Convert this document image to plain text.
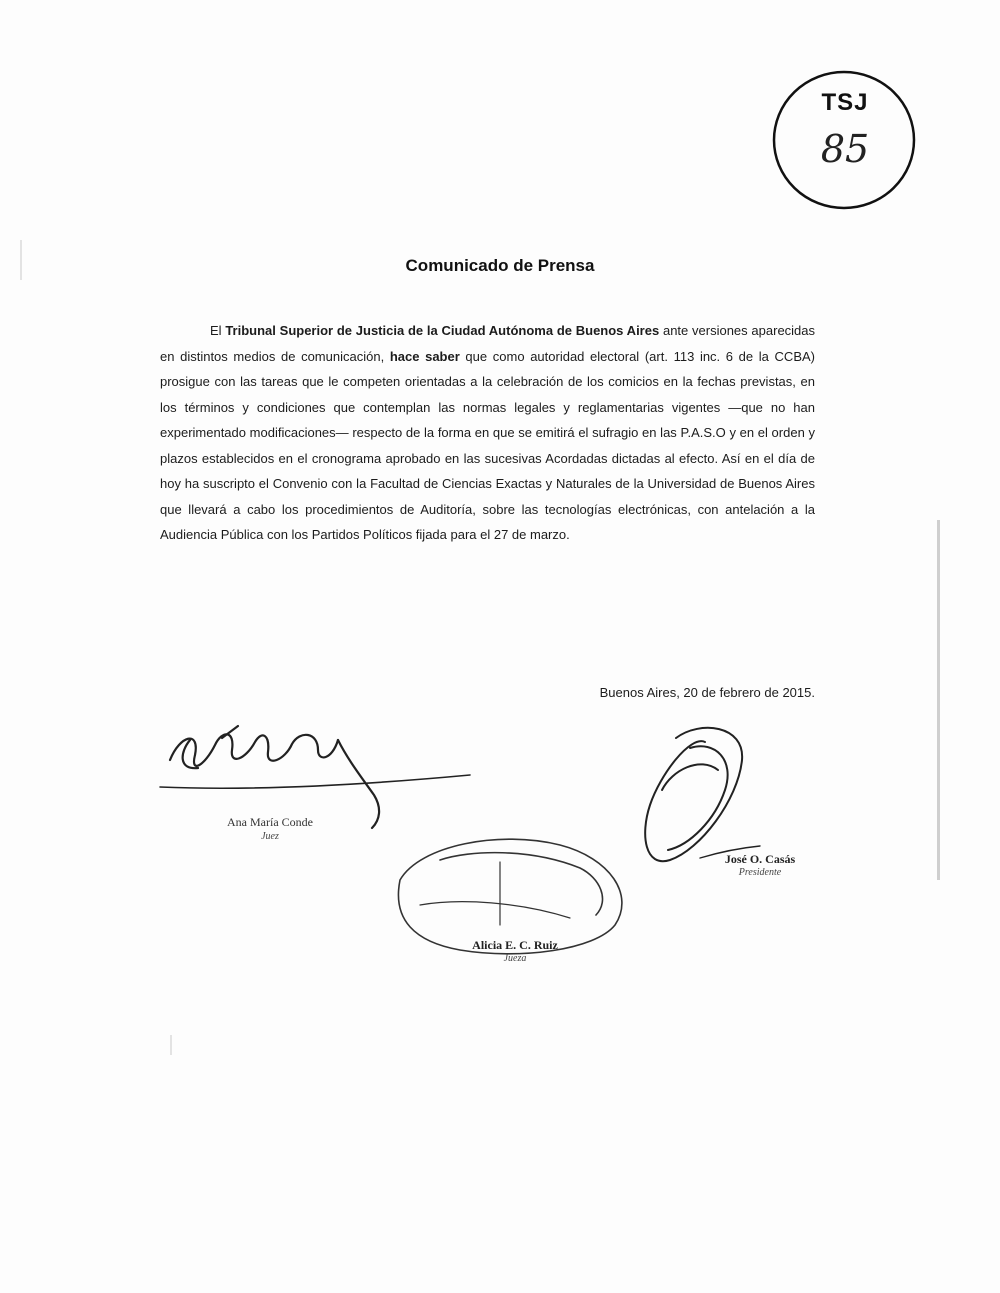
TSJ
85
Comunicado de Prensa
El Tribunal Superior de Justicia de la Ciudad Autónoma de Buenos Aires ante versiones aparecidas en distintos medios de comunicación, hace saber que como autoridad electoral (art. 113 inc. 6 de la CCBA) prosigue con las tareas que le competen orientadas a la celebración de los comicios en la fechas previstas, en los términos y condiciones que contemplan las normas legales y reglamentarias vigentes —que no han experimentado modificaciones— respecto de la forma en que se emitirá el sufragio en las P.A.S.O y en el orden y plazos establecidos en el cronograma aprobado en las sucesivas Acordadas dictadas al efecto. Así en el día de hoy ha suscripto el Convenio con la Facultad de Ciencias Exactas y Naturales de la Universidad de Buenos Aires que llevará a cabo los procedimientos de Auditoría, sobre las tecnologías electrónicas, con antelación a la Audiencia Pública con los Partidos Políticos fijada para el 27 de marzo.
Buenos Aires, 20 de febrero de 2015.
Ana María Conde
Juez
José O. Casás
Presidente
Alicia E. C. Ruiz
Jueza
